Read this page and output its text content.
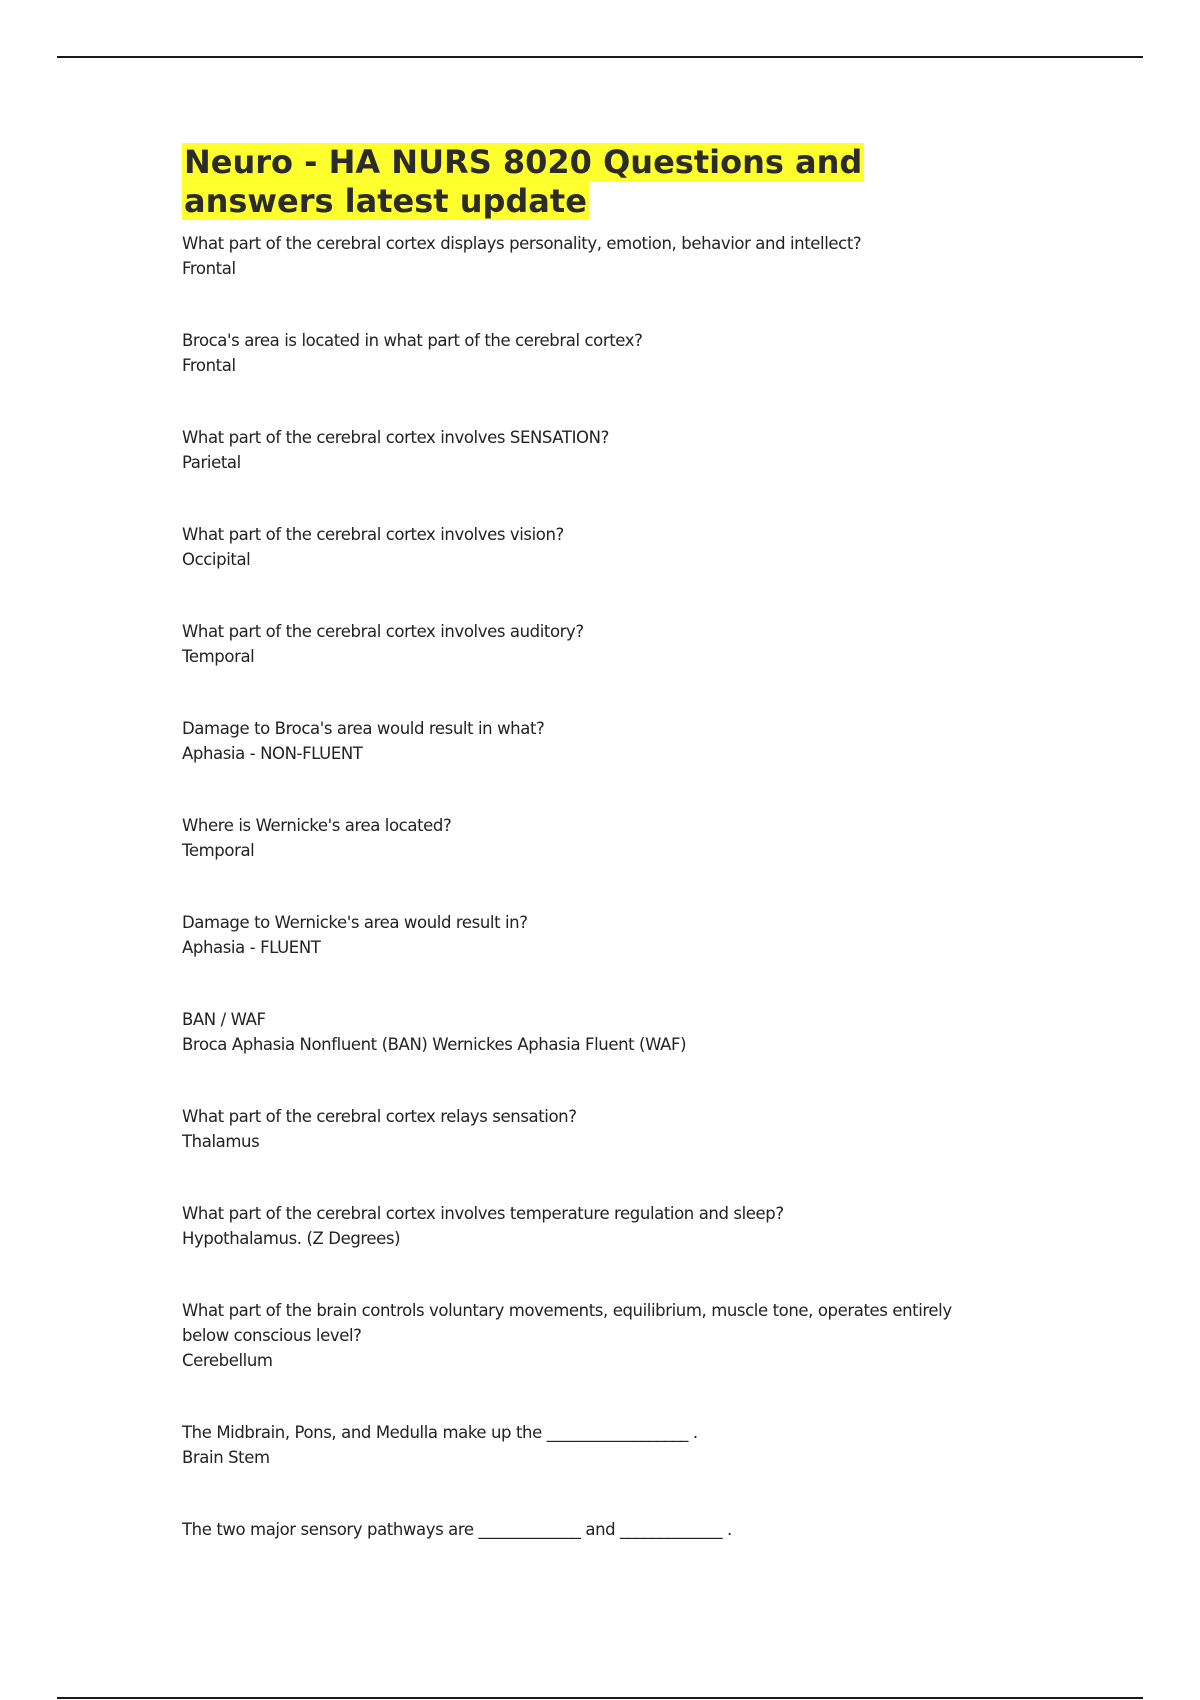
Neuro - HA NURS 8020 Questions and answers latest update

What part of the cerebral cortex displays personality, emotion, behavior and intellect?

Frontal

Broca's area is located in what part of the cerebral cortex?

Frontal

What part of the cerebral cortex involves SENSATION?

Parietal

What part of the cerebral cortex involves vision?

Occipital

What part of the cerebral cortex involves auditory?

Temporal

Damage to Broca's area would result in what?

Aphasia - NON-FLUENT

Where is Wernicke's area located?

Temporal

Damage to Wernicke's area would result in?

Aphasia - FLUENT

BAN / WAF

Broca Aphasia Nonfluent (BAN) Wernickes Aphasia Fluent (WAF)

What part of the cerebral cortex relays sensation?

Thalamus

What part of the cerebral cortex involves temperature regulation and sleep?

Hypothalamus. (Z Degrees)

What part of the brain controls voluntary movements, equilibrium, muscle tone, operates entirely below conscious level?

Cerebellum

The Midbrain, Pons, and Medulla make up the __________________ .

Brain Stem

The two major sensory pathways are _____________ and _____________ .
